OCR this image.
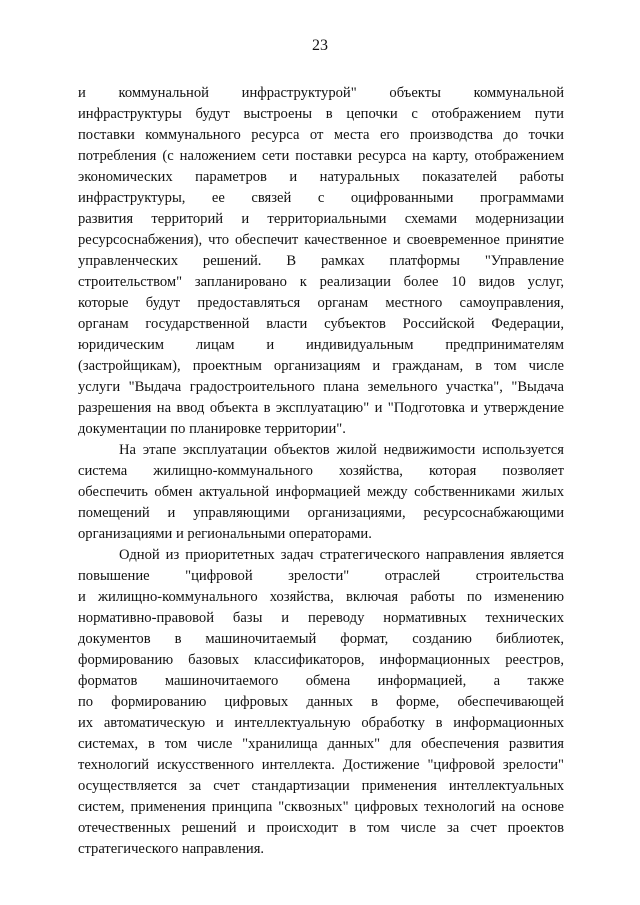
23
и коммунальной инфраструктурой" объекты коммунальной
инфраструктуры будут выстроены в цепочки с отображением пути
поставки коммунального ресурса от места его производства до точки
потребления (с наложением сети поставки ресурса на карту, отображением
экономических параметров и натуральных показателей работы
инфраструктуры, ее связей с оцифрованными программами
развития территорий и территориальными схемами модернизации
ресурсоснабжения), что обеспечит качественное и своевременное принятие
управленческих решений. В рамках платформы "Управление
строительством" запланировано к реализации более 10 видов услуг,
которые будут предоставляться органам местного самоуправления,
органам государственной власти субъектов Российской Федерации,
юридическим лицам и индивидуальным предпринимателям
(застройщикам), проектным организациям и гражданам, в том числе
услуги "Выдача градостроительного плана земельного участка", "Выдача
разрешения на ввод объекта в эксплуатацию" и "Подготовка и утверждение
документации по планировке территории".
На этапе эксплуатации объектов жилой недвижимости используется
система жилищно-коммунального хозяйства, которая позволяет
обеспечить обмен актуальной информацией между собственниками жилых
помещений и управляющими организациями, ресурсоснабжающими
организациями и региональными операторами.
Одной из приоритетных задач стратегического направления является
повышение "цифровой зрелости" отраслей строительства
и жилищно-коммунального хозяйства, включая работы по изменению
нормативно-правовой базы и переводу нормативных технических
документов в машиночитаемый формат, созданию библиотек,
формированию базовых классификаторов, информационных реестров,
форматов машиночитаемого обмена информацией, а также
по формированию цифровых данных в форме, обеспечивающей
их автоматическую и интеллектуальную обработку в информационных
системах, в том числе "хранилища данных" для обеспечения развития
технологий искусственного интеллекта. Достижение "цифровой зрелости"
осуществляется за счет стандартизации применения интеллектуальных
систем, применения принципа "сквозных" цифровых технологий на основе
отечественных решений и происходит в том числе за счет проектов
стратегического направления.
